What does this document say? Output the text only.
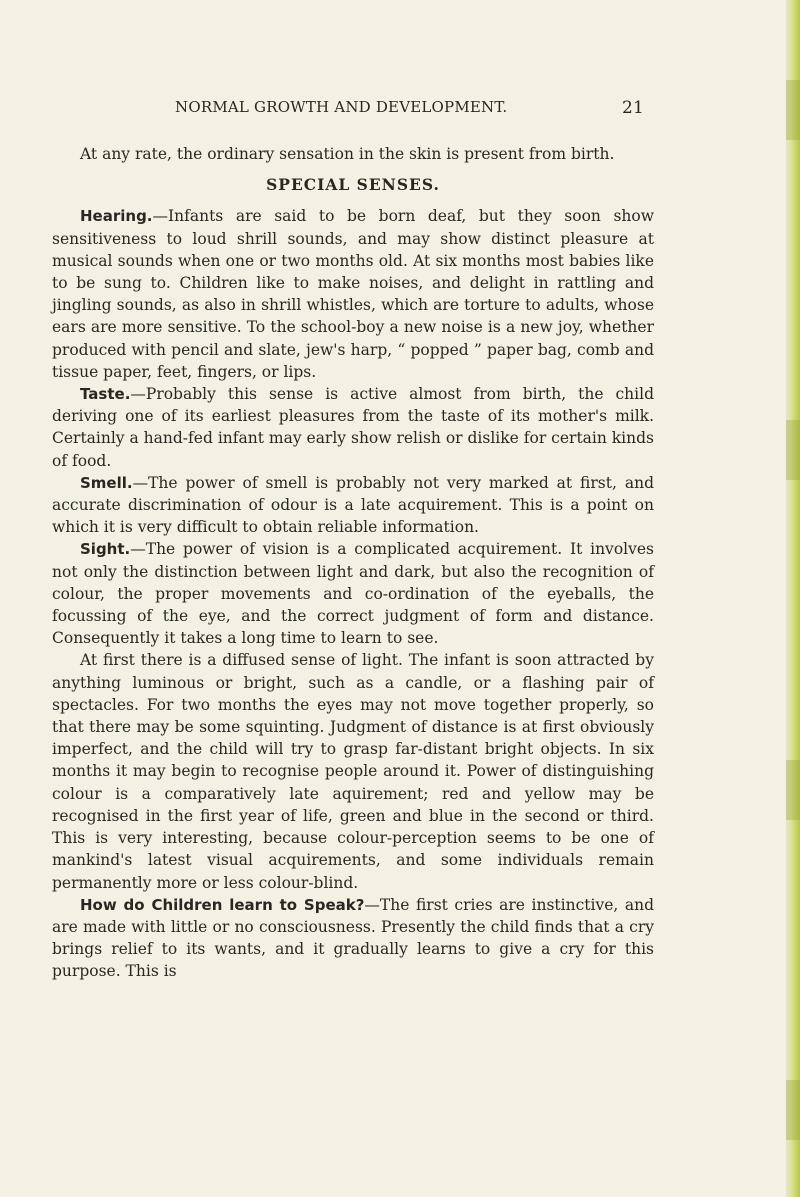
NORMAL GROWTH AND DEVELOPMENT.	21

At any rate, the ordinary sensation in the skin is present from birth.

SPECIAL SENSES.

Hearing.—Infants are said to be born deaf, but they soon show sensitiveness to loud shrill sounds, and may show distinct pleasure at musical sounds when one or two months old. At six months most babies like to be sung to. Children like to make noises, and delight in rattling and jingling sounds, as also in shrill whistles, which are torture to adults, whose ears are more sensitive. To the school-boy a new noise is a new joy, whether produced with pencil and slate, jew's harp, “ popped ” paper bag, comb and tissue paper, feet, fingers, or lips.

Taste.—Probably this sense is active almost from birth, the child deriving one of its earliest pleasures from the taste of its mother's milk. Certainly a hand-fed infant may early show relish or dislike for certain kinds of food.

Smell.—The power of smell is probably not very marked at first, and accurate discrimination of odour is a late acquirement. This is a point on which it is very difficult to obtain reliable information.

Sight.—The power of vision is a complicated acquirement. It involves not only the distinction between light and dark, but also the recognition of colour, the proper movements and co-ordination of the eyeballs, the focussing of the eye, and the correct judgment of form and distance. Consequently it takes a long time to learn to see.

At first there is a diffused sense of light. The infant is soon attracted by anything luminous or bright, such as a candle, or a flashing pair of spectacles. For two months the eyes may not move together properly, so that there may be some squinting. Judgment of distance is at first obviously imperfect, and the child will try to grasp far-distant bright objects. In six months it may begin to recognise people around it. Power of distinguishing colour is a comparatively late aquirement; red and yellow may be recognised in the first year of life, green and blue in the second or third. This is very interesting, because colour-perception seems to be one of mankind's latest visual acquirements, and some individuals remain permanently more or less colour-blind.

How do Children learn to Speak?—The first cries are instinctive, and are made with little or no consciousness. Presently the child finds that a cry brings relief to its wants, and it gradually learns to give a cry for this purpose. This is
